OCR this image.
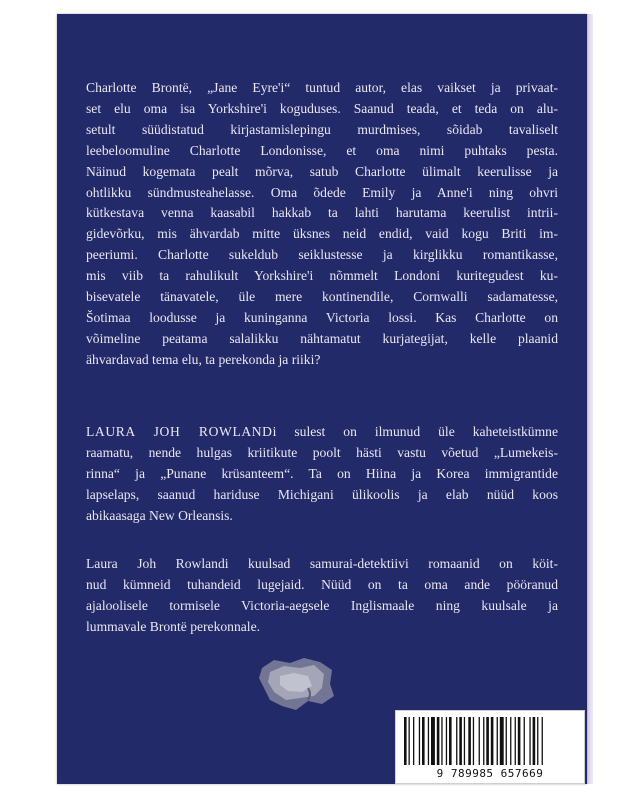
Charlotte Brontë, „Jane Eyre'i“ tuntud autor, elas vaikset ja privaat-
set elu oma isa Yorkshire'i koguduses. Saanud teada, et teda on alu-
setult süüdistatud kirjastamislepingu murdmises, sõidab tavaliselt
leebeloomuline Charlotte Londonisse, et oma nimi puhtaks pesta.
Näinud kogemata pealt mõrva, satub Charlotte ülimalt keerulisse ja
ohtlikku sündmusteahelasse. Oma õdede Emily ja Anne'i ning ohvri
kütkestava venna kaasabil hakkab ta lahti harutama keerulist intrii-
gidevõrku, mis ähvardab mitte üksnes neid endid, vaid kogu Briti im-
peeriumi. Charlotte sukeldub seiklustesse ja kirglikku romantikasse,
mis viib ta rahulikult Yorkshire'i nõmmelt Londoni kuritegudest ku-
bisevatele tänavatele, üle mere kontinendile, Cornwalli sadamatesse,
Šotimaa loodusse ja kuninganna Victoria lossi. Kas Charlotte on
võimeline peatama salalikku nähtamatut kurjategijat, kelle plaanid
ähvardavad tema elu, ta perekonda ja riiki?
LAURA JOH ROWLANDi sulest on ilmunud üle kaheteistkümne
raamatu, nende hulgas kriitikute poolt hästi vastu võetud „Lumekeis-
rinna“ ja „Punane krüsanteem“. Ta on Hiina ja Korea immigrantide
lapselaps, saanud hariduse Michigani ülikoolis ja elab nüüd koos
abikaasaga New Orleansis.
Laura Joh Rowlandi kuulsad samurai-detektiivi romaanid on köit-
nud kümneid tuhandeid lugejaid. Nüüd on ta oma ande pööranud
ajaloolisele tormisele Victoria-aegsele Inglismaale ning kuulsale ja
lummavale Brontë perekonnale.
9 789985 657669
